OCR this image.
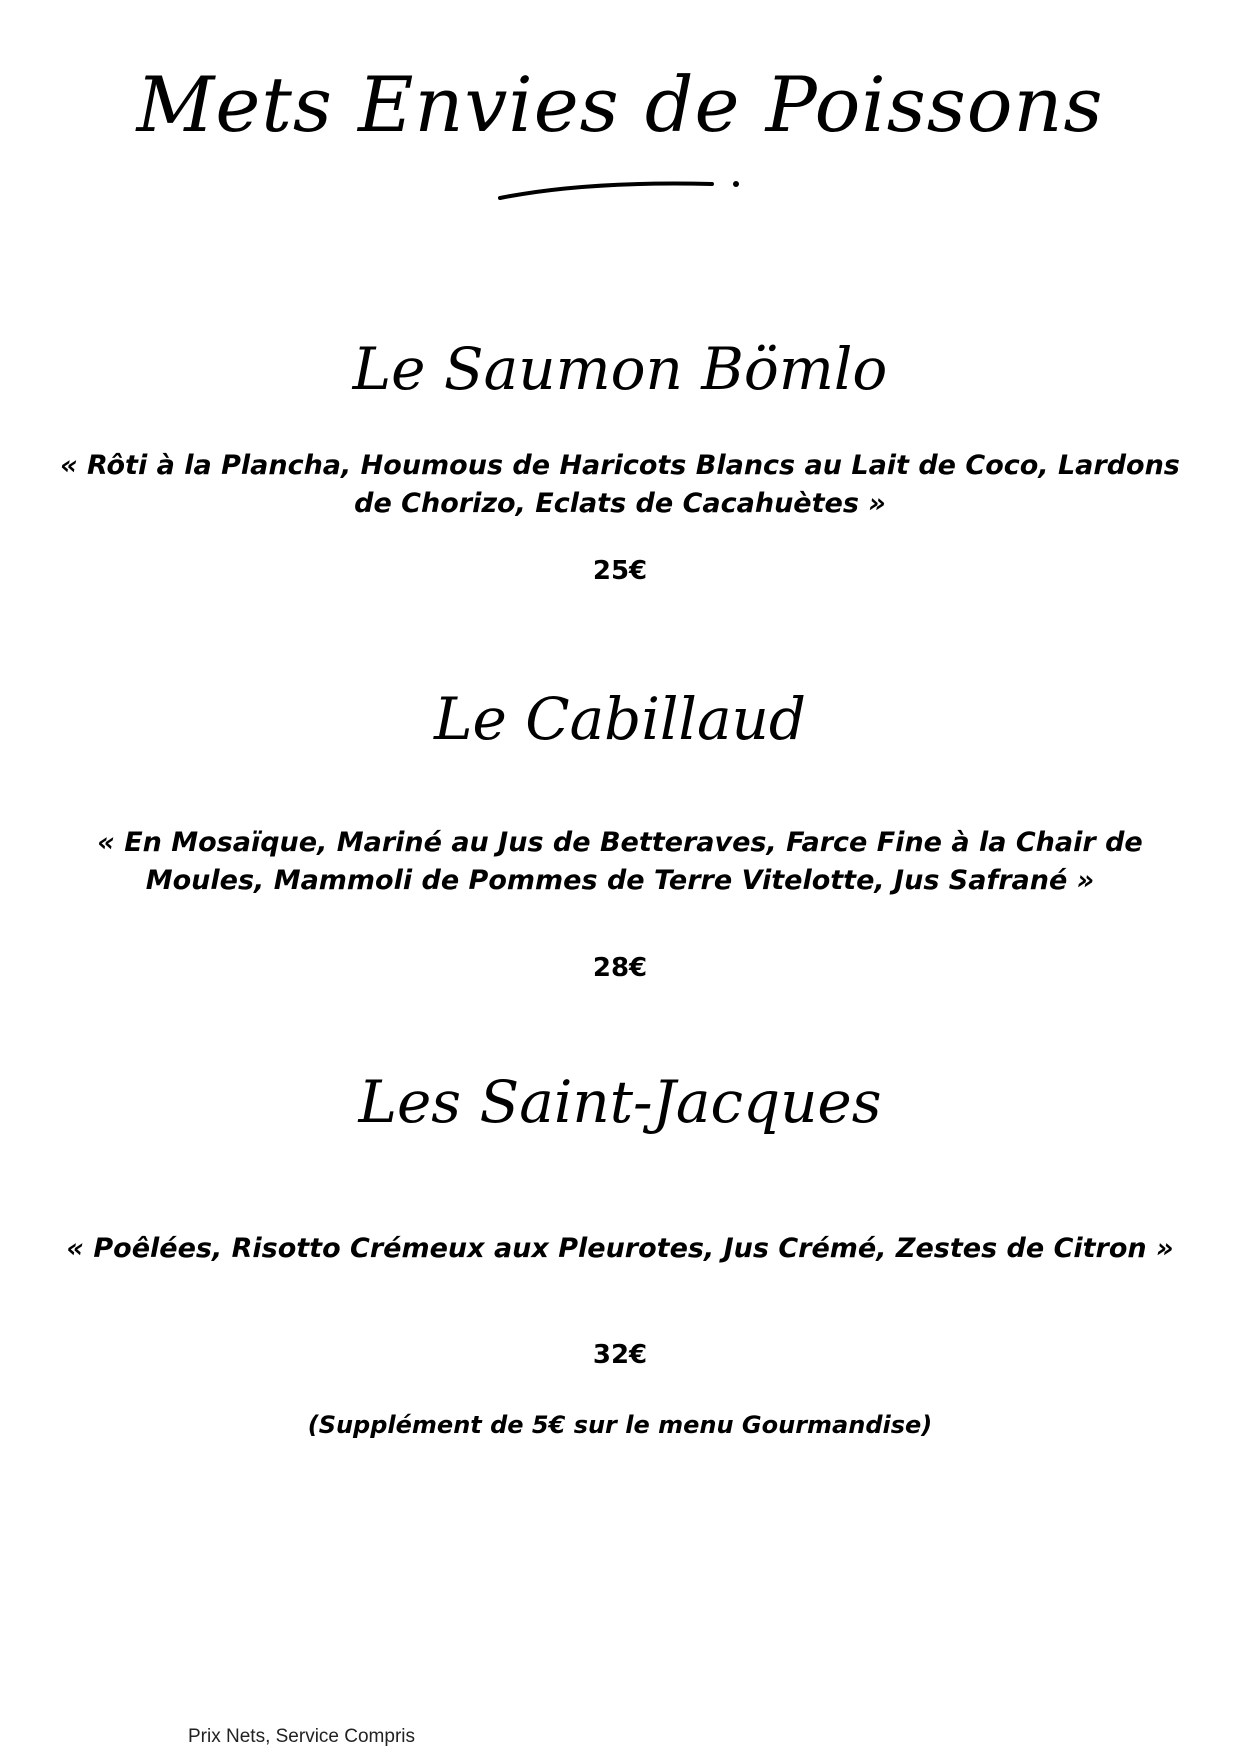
Mets Envies de Poissons
Le Saumon Bömlo
« Rôti à la Plancha, Houmous de Haricots Blancs au Lait de Coco, Lardons de Chorizo, Eclats de Cacahuètes »
25€
Le Cabillaud
« En Mosaïque, Mariné au Jus de Betteraves, Farce Fine à la Chair de Moules, Mammoli de Pommes de Terre Vitelotte, Jus Safrané »
28€
Les Saint-Jacques
« Poêlées, Risotto Crémeux aux Pleurotes, Jus Crémé, Zestes de Citron »
32€
(Supplément de 5€ sur le menu Gourmandise)
Prix Nets, Service Compris
